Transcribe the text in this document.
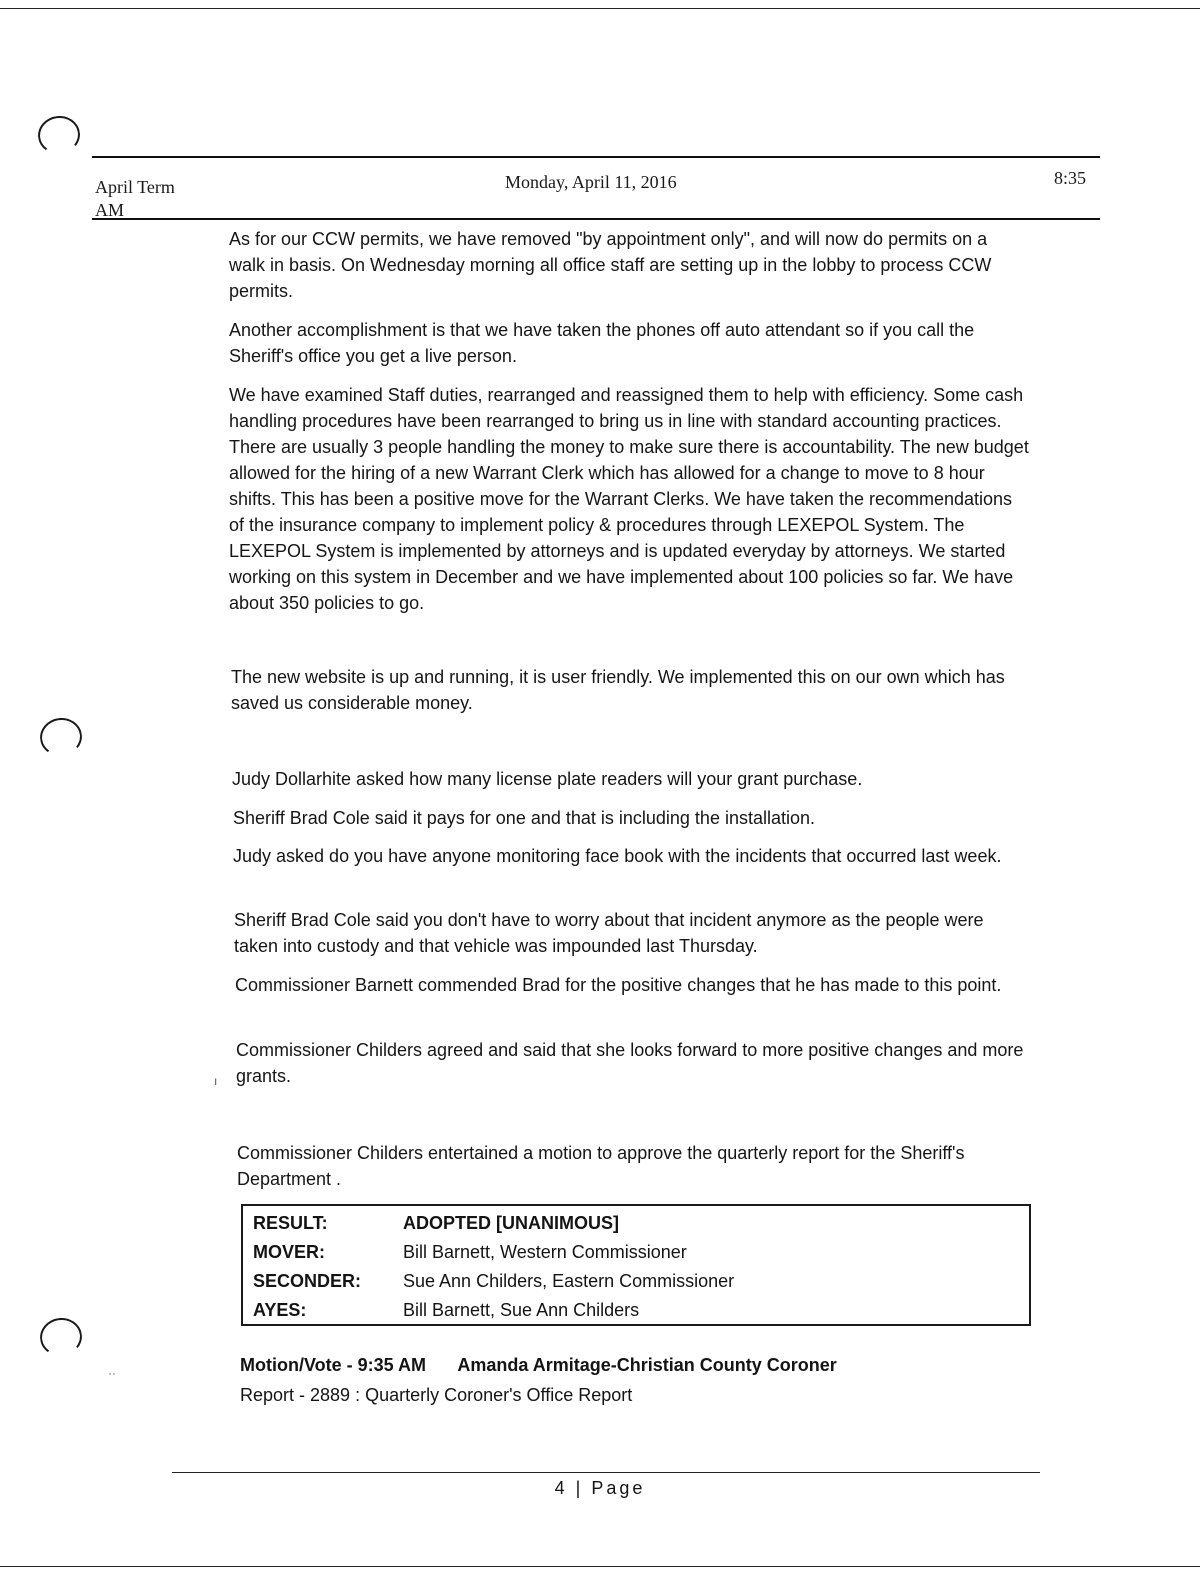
April Term
AM
Monday, April 11, 2016	8:35

As for our CCW permits, we have removed "by appointment only", and will now do permits on a walk in basis. On Wednesday morning all office staff are setting up in the lobby to process CCW permits.

Another accomplishment is that we have taken the phones off auto attendant so if you call the Sheriff's office you get a live person.

We have examined Staff duties, rearranged and reassigned them to help with efficiency. Some cash handling procedures have been rearranged to bring us in line with standard accounting practices. There are usually 3 people handling the money to make sure there is accountability. The new budget allowed for the hiring of a new Warrant Clerk which has allowed for a change to move to 8 hour shifts. This has been a positive move for the Warrant Clerks. We have taken the recommendations of the insurance company to implement policy & procedures through LEXEPOL System. The LEXEPOL System is implemented by attorneys and is updated everyday by attorneys. We started working on this system in December and we have implemented about 100 policies so far. We have about 350 policies to go.

The new website is up and running, it is user friendly. We implemented this on our own which has saved us considerable money.

Judy Dollarhite asked how many license plate readers will your grant purchase.

Sheriff Brad Cole said it pays for one and that is including the installation.

Judy asked do you have anyone monitoring face book with the incidents that occurred last week.

Sheriff Brad Cole said you don't have to worry about that incident anymore as the people were taken into custody and that vehicle was impounded last Thursday.

Commissioner Barnett commended Brad for the positive changes that he has made to this point.

Commissioner Childers agreed and said that she looks forward to more positive changes and more grants.

ı

Commissioner Childers entertained a motion to approve the quarterly report for the Sheriff's Department .

RESULT:	ADOPTED [UNANIMOUS]
MOVER:	Bill Barnett, Western Commissioner
SECONDER:	Sue Ann Childers, Eastern Commissioner
AYES:	Bill Barnett, Sue Ann Childers
··	Motion/Vote - 9:35 AM Amanda Armitage-Christian County Coroner
Report - 2889 : Quarterly Coroner's Office Report
4 | Page
